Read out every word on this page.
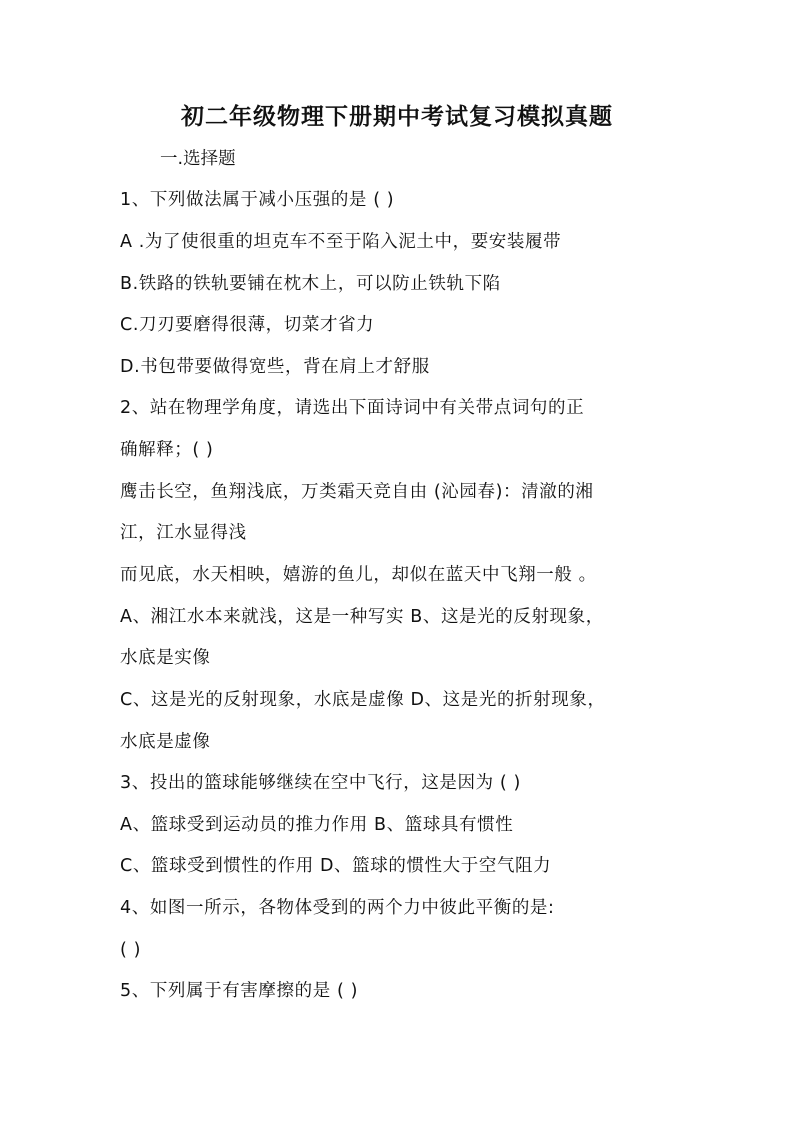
初二年级物理下册期中考试复习模拟真题
一.选择题
1、下列做法属于减小压强的是 ( )
A .为了使很重的坦克车不至于陷入泥土中，要安装履带
B.铁路的铁轨要铺在枕木上，可以防止铁轨下陷
C.刀刃要磨得很薄，切菜才省力
D.书包带要做得宽些，背在肩上才舒服
2、站在物理学角度，请选出下面诗词中有关带点词句的正
确解释；( )
鹰击长空，鱼翔浅底，万类霜天竞自由 (沁园春)：清澈的湘
江，江水显得浅
而见底，水天相映，嬉游的鱼儿，却似在蓝天中飞翔一般 。
A、湘江水本来就浅，这是一种写实 B、这是光的反射现象，
水底是实像
C、这是光的反射现象，水底是虚像 D、这是光的折射现象，
水底是虚像
3、投出的篮球能够继续在空中飞行，这是因为 ( )
A、篮球受到运动员的推力作用 B、篮球具有惯性
C、篮球受到惯性的作用 D、篮球的惯性大于空气阻力
4、如图一所示，各物体受到的两个力中彼此平衡的是:
( )
5、下列属于有害摩擦的是 ( )
